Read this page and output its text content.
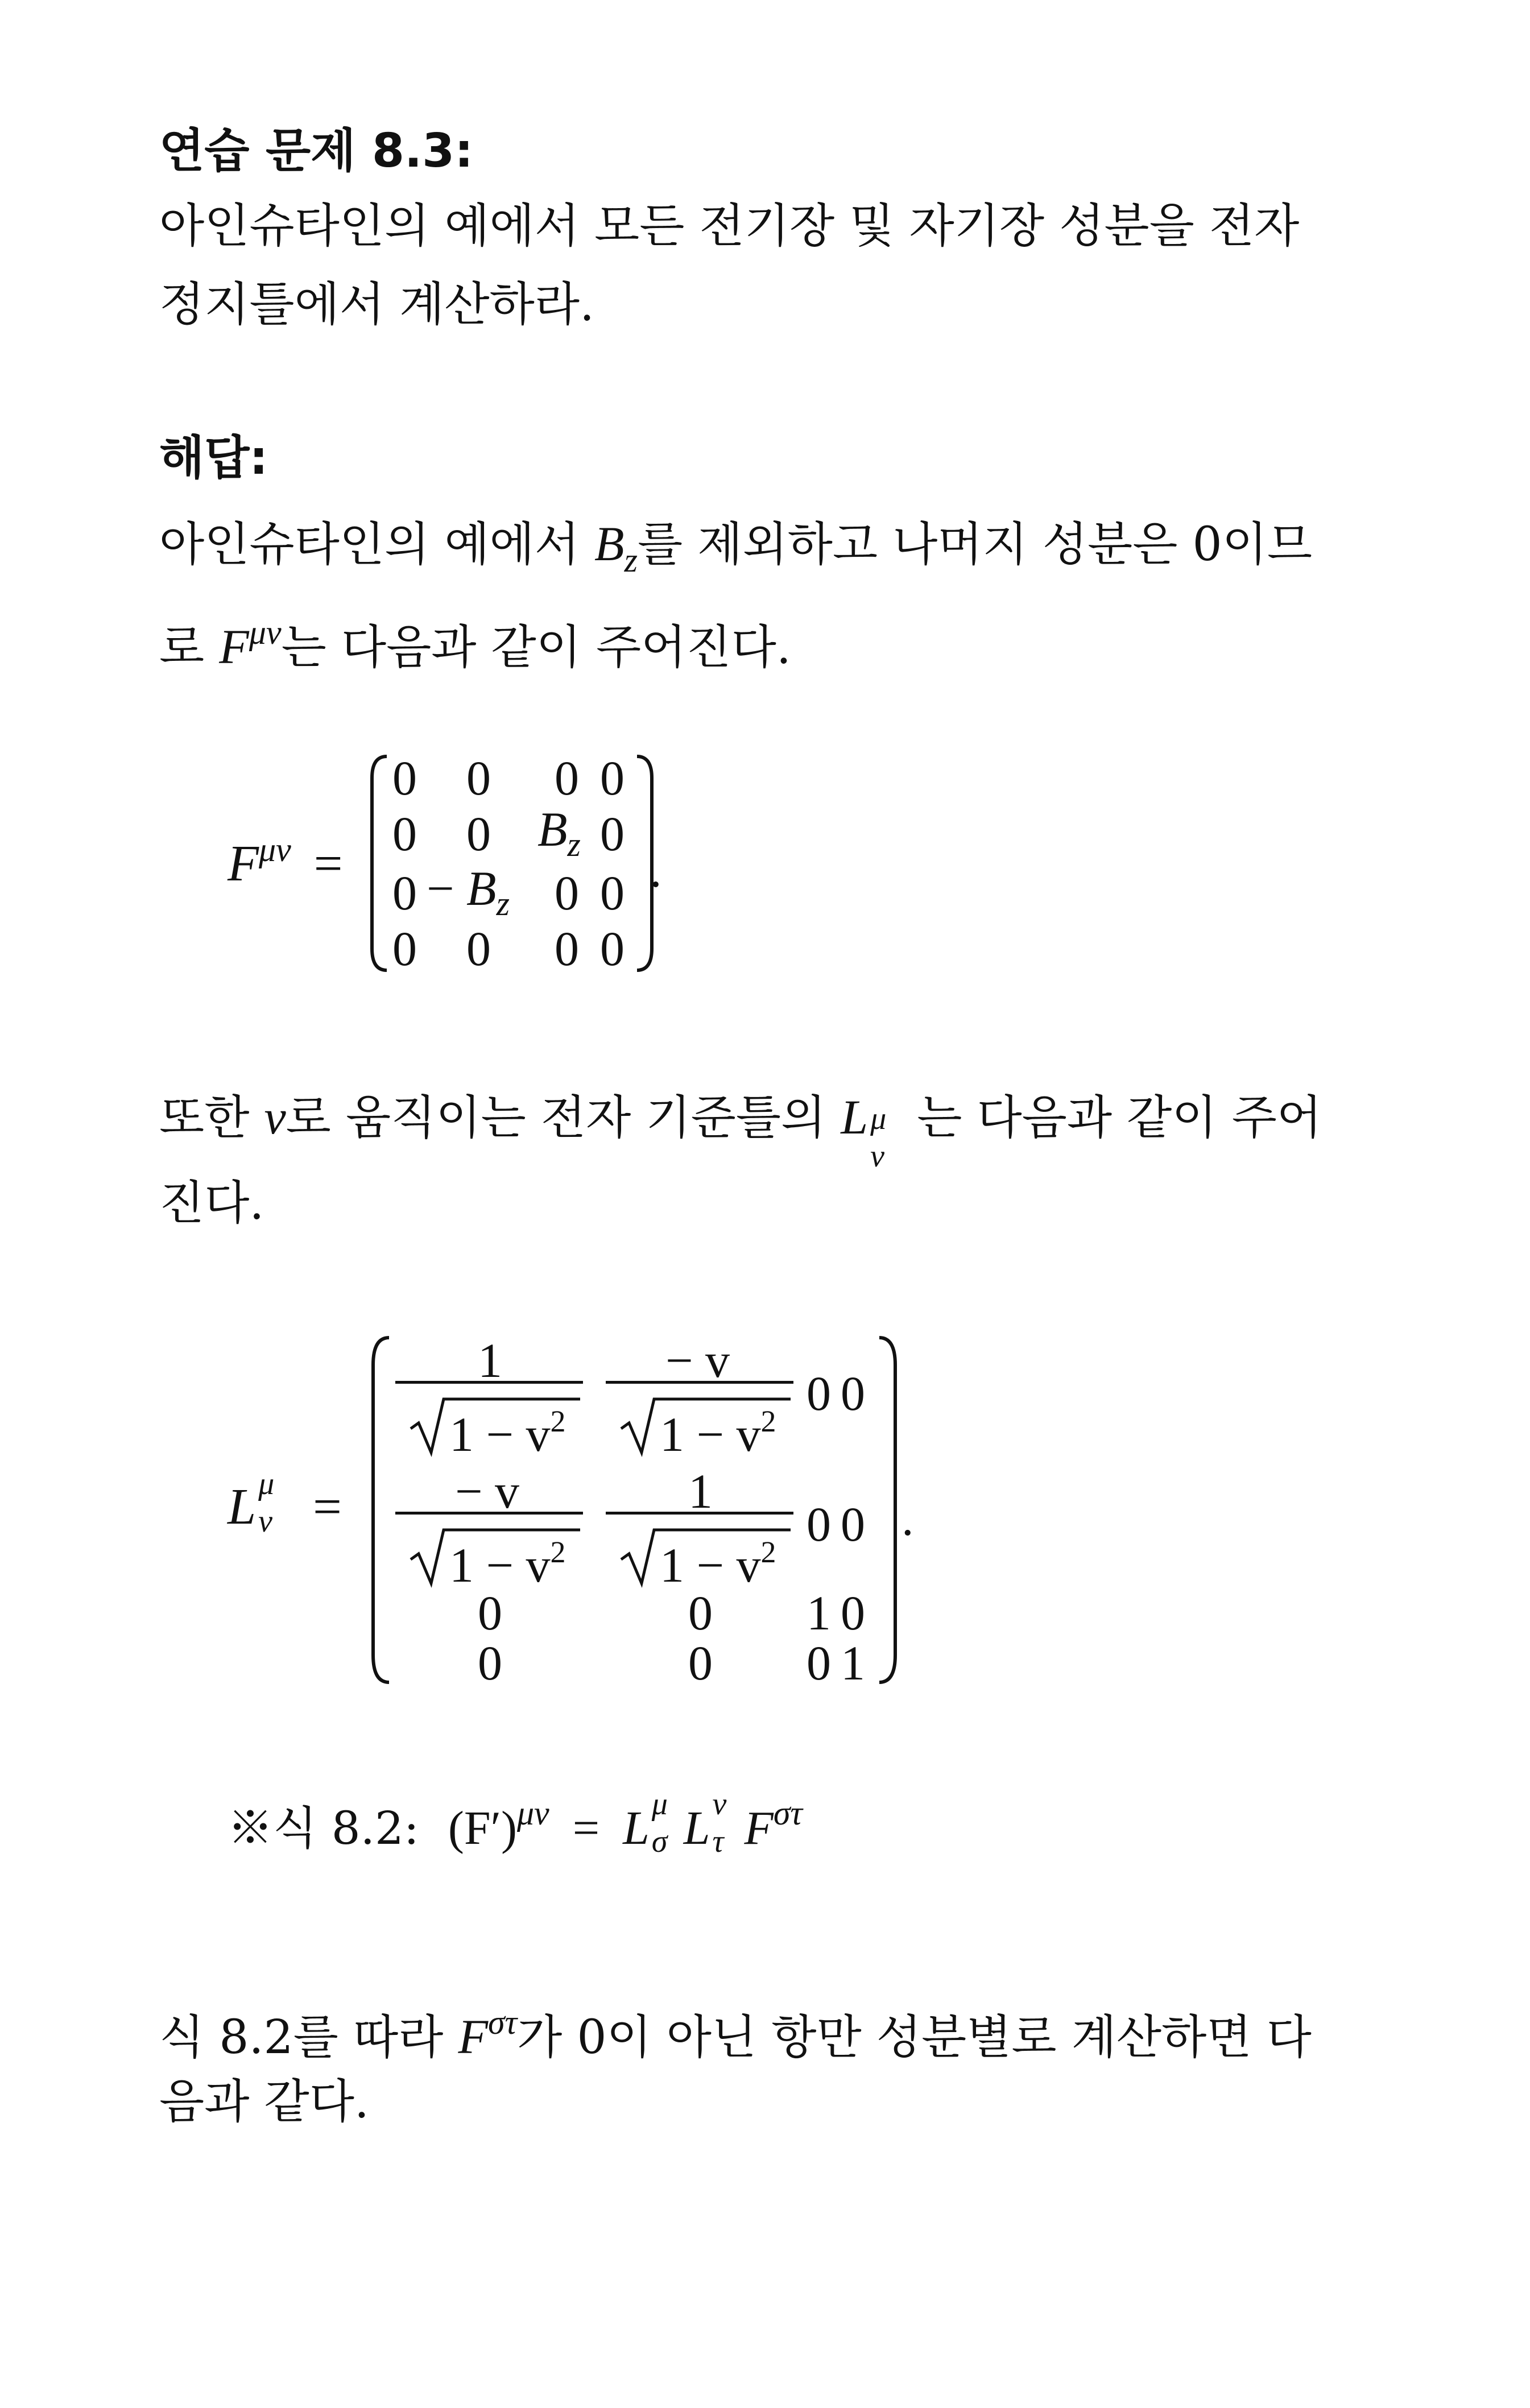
연습 문제 8.3:

아인슈타인의 예에서 모든 전기장 및 자기장 성분을 전자

정지틀에서 계산하라.

해답:

아인슈타인의 예에서 $B_z$를 제외하고 나머지 성분은 0이므

로 $F^{\mu\nu}$는 다음과 같이 주어진다.

$F^{\mu\nu}$ =
0 0 0 0
0 0 $B_z$ 0
$0 - B_z$ 0 0
0 0 0 0
.

또한 v로 움직이는 전자 기준틀의 L μ
ν
는 다음과 같이 주어

진다.

L μ
ν =
1
$1 - v^2$
− v
$1 - v^2$
0 0
− v
$1 - v^2$
1
$1 - v^2$
0 0
0	0 1 0
0	0 0 1
.
※식 8.2: $(F')^{\mu\nu} = L$ μ
σ L ν
τ $F^{\sigma\tau}$

식 8.2를 따라 $F^{\sigma\tau}$가 0이 아닌 항만 성분별로 계산하면 다

음과 같다.
